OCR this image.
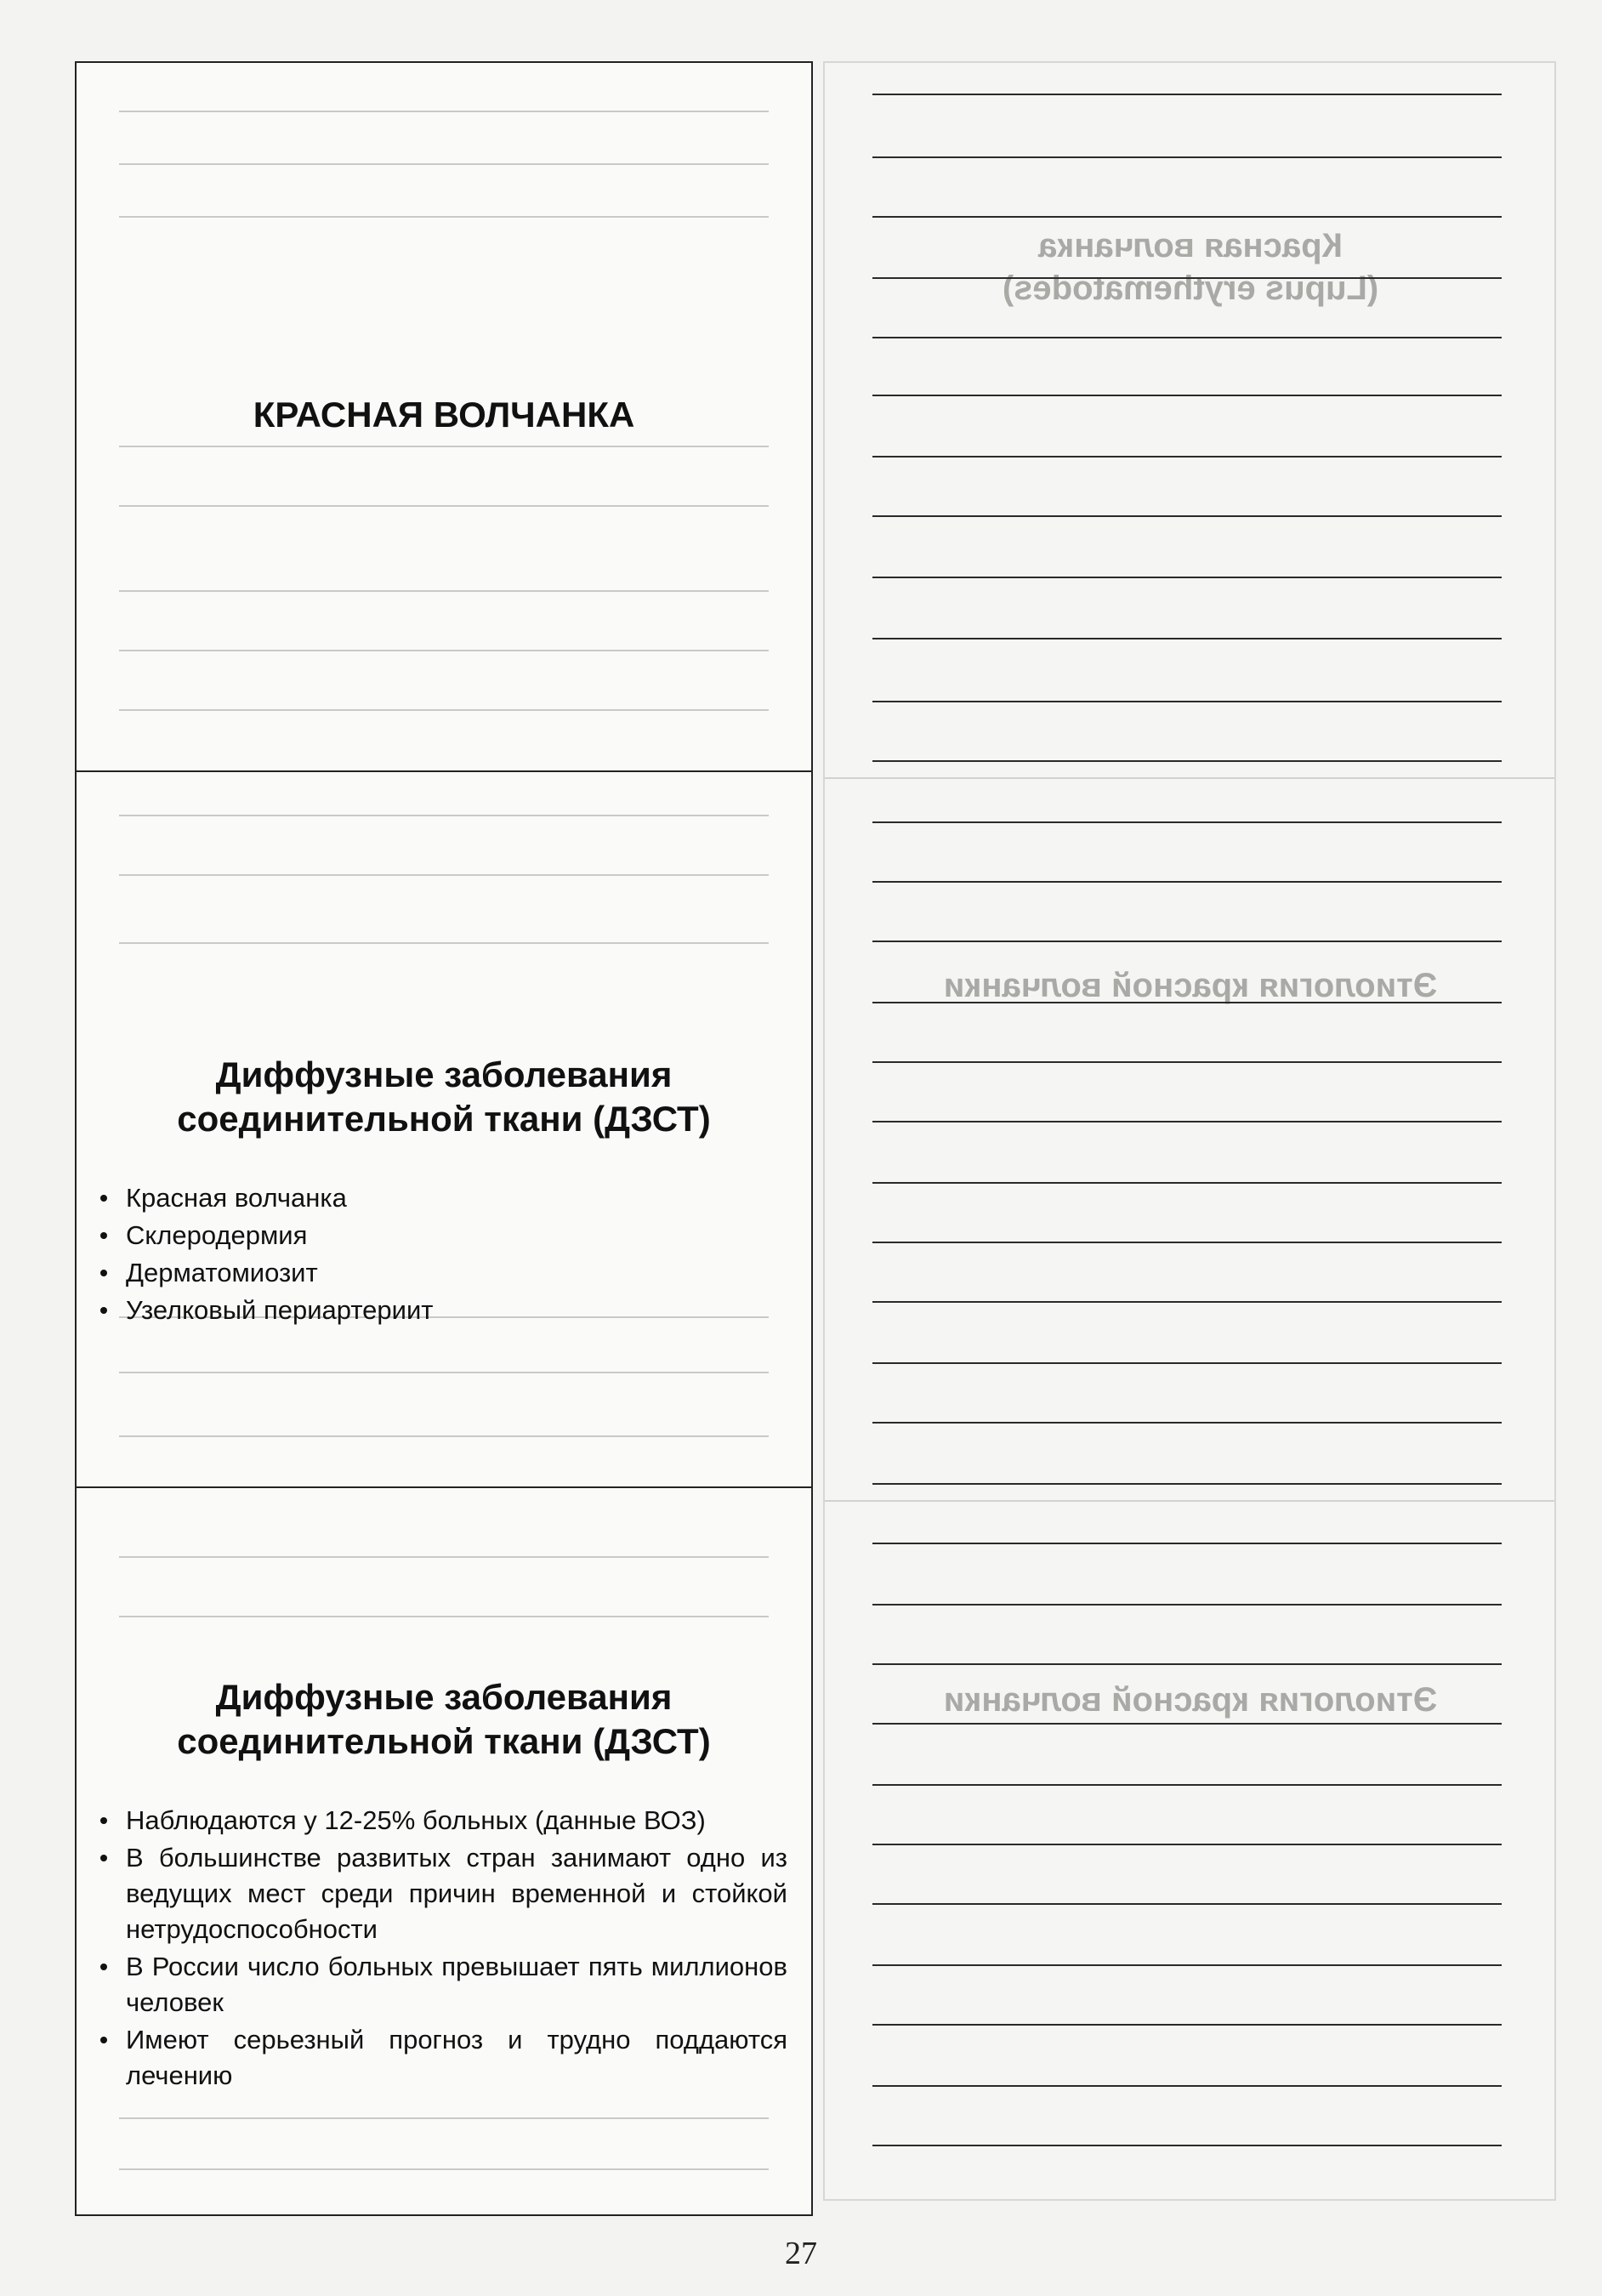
КРАСНАЯ ВОЛЧАНКА
Диффузные заболевания
соединительной ткани (ДЗСТ)
Красная волчанка
Склеродермия
Дерматомиозит
Узелковый периартериит
Диффузные заболевания
соединительной ткани (ДЗСТ)
Наблюдаются у 12-25% больных (данные ВОЗ)
В большинстве развитых стран занимают одно из ведущих мест среди причин временной и стойкой нетрудоспособности
В России число больных превышает пять миллионов человек
Имеют серьезный прогноз и трудно поддаются лечению
Красная волчанка
(Lupus erythematodes)
Этиология красной волчанки
Этиология красной волчанки
27
